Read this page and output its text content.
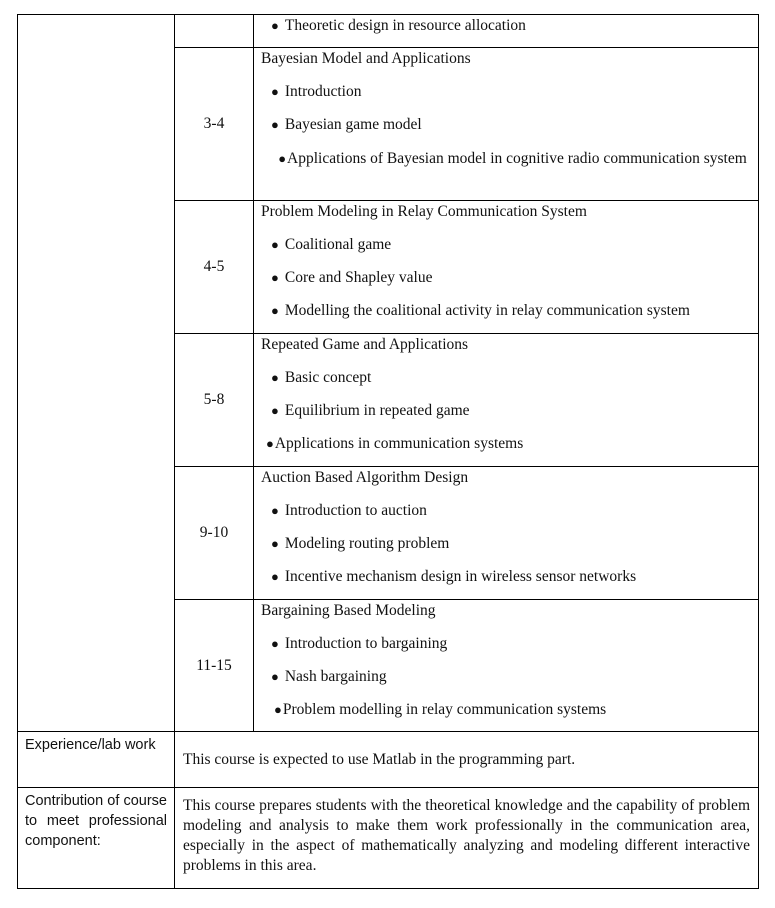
		● Theoretic design in resource allocation

	3-4	Bayesian Model and Applications
● Introduction
● Bayesian game model
●Applications of Bayesian model in cognitive radio communication system

	4-5	Problem Modeling in Relay Communication System
● Coalitional game
● Core and Shapley value
● Modelling the coalitional activity in relay communication system

	5-8	Repeated Game and Applications
● Basic concept
● Equilibrium in repeated game
●Applications in communication systems

	9-10	Auction Based Algorithm Design
● Introduction to auction
● Modeling routing problem
● Incentive mechanism design in wireless sensor networks

	11-15	Bargaining Based Modeling
● Introduction to bargaining
● Nash bargaining
●Problem modelling in relay communication systems

Experience/lab work	This course is expected to use Matlab in the programming part.	
Contribution of course to meet professional component:	This course prepares students with the theoretical knowledge and the capability of problem modeling and analysis to make them work professionally in the communication area, especially in the aspect of mathematically analyzing and modeling different interactive problems in this area.	
